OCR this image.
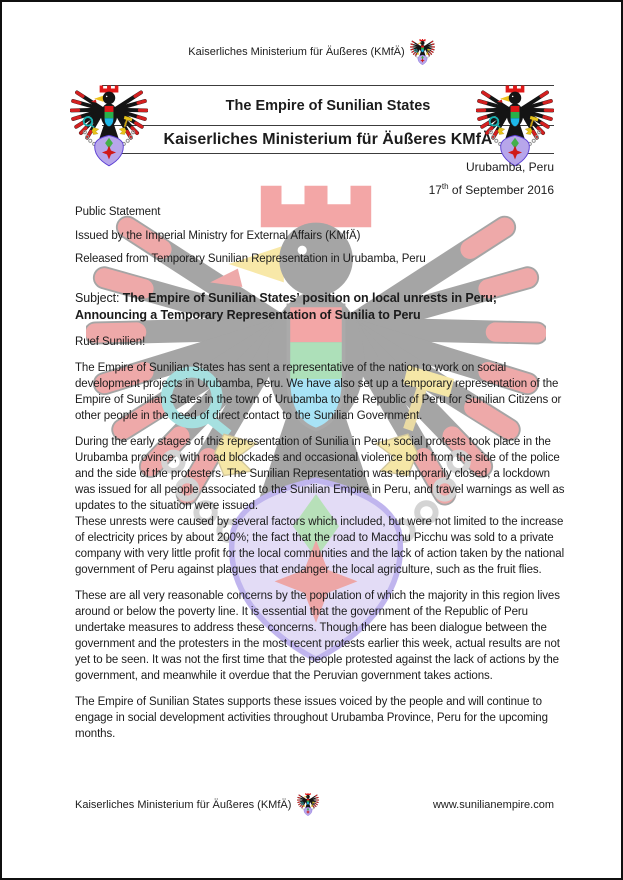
Kaiserliches Ministerium für Äußeres (KMfÄ)
The Empire of Sunilian States
Kaiserliches Ministerium für Äußeres KMfÄ
Urubamba, Peru
17th of September 2016

Public Statement

Issued by the Imperial Ministry for External Affairs (KMfÄ)

Released from Temporary Sunilian Representation in Urubamba, Peru

Subject: The Empire of Sunilian States’ position on local unrests in Peru;
Announcing a Temporary Representation of Sunilia to Peru
Ruef Sunilien!
The Empire of Sunilian States has sent a representative of the nation to work on social development projects in Urubamba, Peru. We have also set up a temporary representation of the Empire of Sunilian States in the town of Urubamba to the Republic of Peru for Sunilian Citizens or other people in the need of direct contact to the Sunilian Government.
During the early stages of this representation of Sunilia in Peru, social protests took place in the Urubamba province, with road blockades and occasional violence both from the side of the police and the side of the protesters. The Sunilian Representation was temporarily closed, a lockdown was issued for all people associated to the Sunilian Empire in Peru, and travel warnings as well as updates to the situation were issued.
These unrests were caused by several factors which included, but were not limited to the increase of electricity prices by about 200%; the fact that the road to Macchu Picchu was sold to a private company with very little profit for the local communities and the lack of action taken by the national government of Peru against plagues that endanger the local agriculture, such as the fruit flies.
These are all very reasonable concerns by the population of which the majority in this region lives around or below the poverty line. It is essential that the government of the Republic of Peru undertake measures to address these concerns. Though there has been dialogue between the government and the protesters in the most recent protests earlier this week, actual results are not yet to be seen. It was not the first time that the people protested against the lack of actions by the government, and meanwhile it overdue that the Peruvian government takes actions.
The Empire of Sunilian States supports these issues voiced by the people and will continue to engage in social development activities throughout Urubamba Province, Peru for the upcoming months.
Kaiserliches Ministerium für Äußeres (KMfÄ)	www.sunilianempire.com
